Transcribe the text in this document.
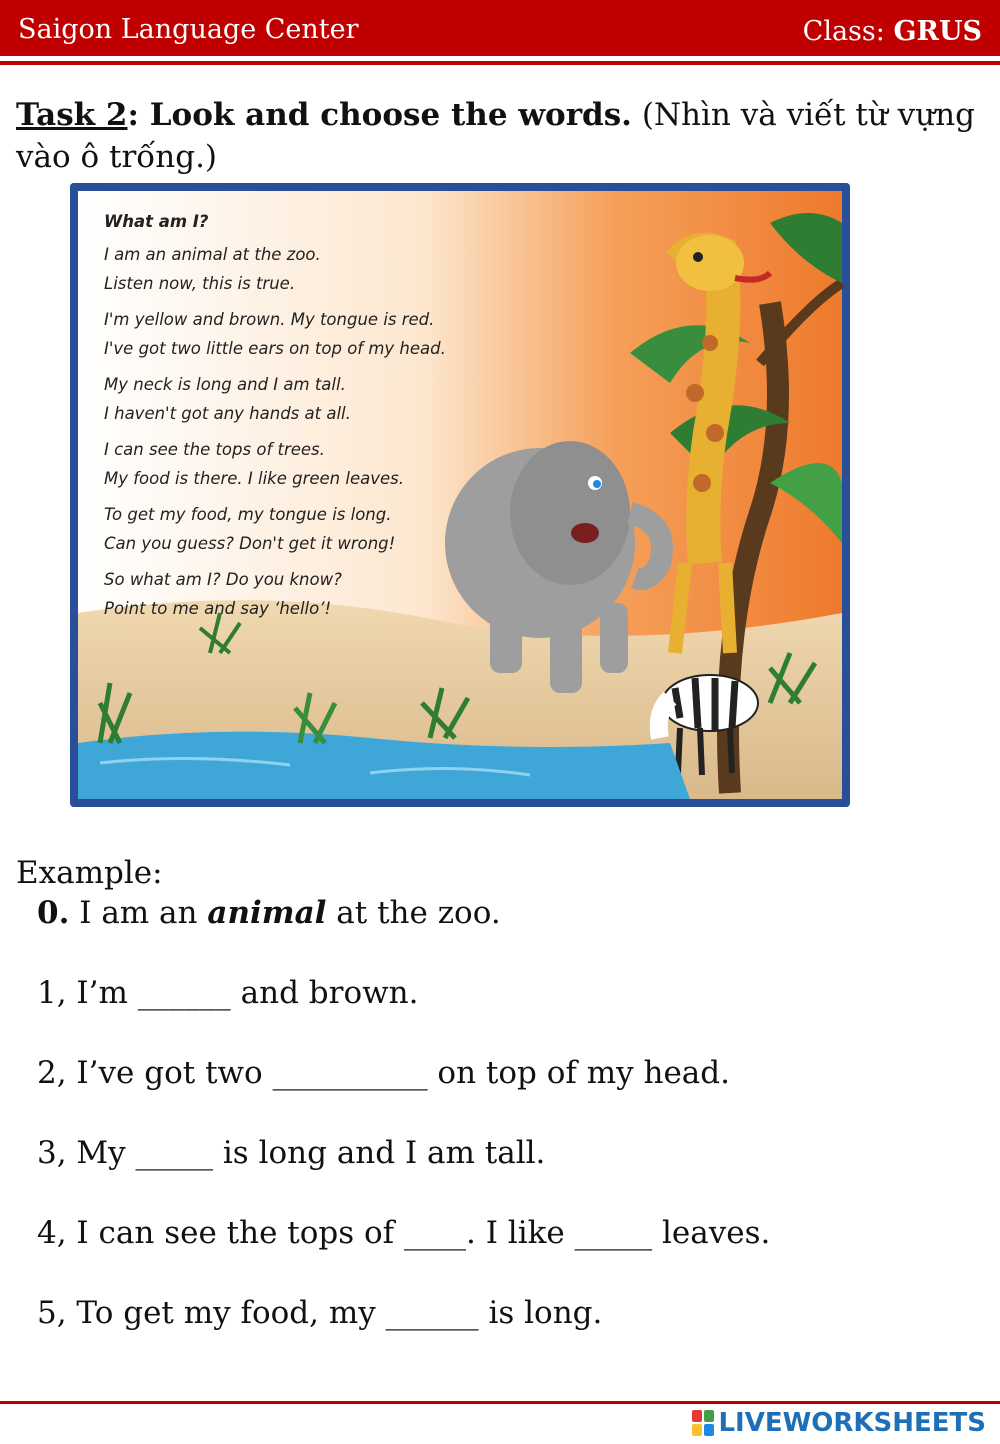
Saigon Language Center	Class: GRUS
Task 2: Look and choose the words. (Nhìn và viết từ vựng vào ô trống.)
What am I?
I am an animal at the zoo.
Listen now, this is true.
I'm yellow and brown. My tongue is red.
I've got two little ears on top of my head.
My neck is long and I am tall.
I haven't got any hands at all.
I can see the tops of trees.
My food is there. I like green leaves.
To get my food, my tongue is long.
Can you guess? Don't get it wrong!
So what am I? Do you know?
Point to me and say ‘hello’!
Example:
0. I am an animal at the zoo.
1, I’m ______ and brown.
2, I’ve got two __________ on top of my head.
3, My _____ is long and I am tall.
4, I can see the tops of ____. I like _____ leaves.
5, To get my food, my ______ is long.
LIVEWORKSHEETS
